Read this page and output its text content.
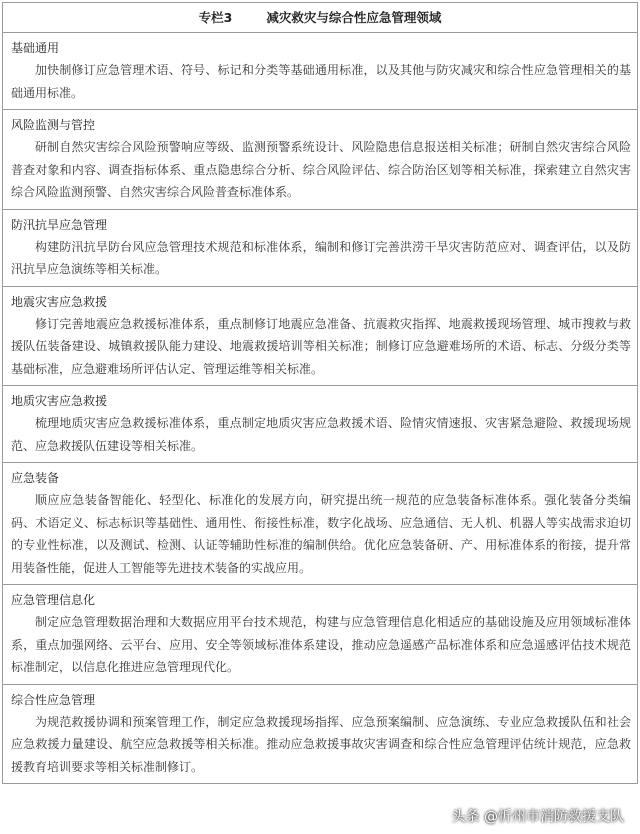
专栏3	减灾救灾与综合性应急管理领域
基础通用

加快制修订应急管理术语、符号、标记和分类等基础通用标准，以及其他与防灾减灾和综合性应急管理相关的基础通用标准。

风险监测与管控

研制自然灾害综合风险预警响应等级、监测预警系统设计、风险隐患信息报送相关标准；研制自然灾害综合风险普查对象和内容、调查指标体系、重点隐患综合分析、综合风险评估、综合防治区划等相关标准，探索建立自然灾害综合风险监测预警、自然灾害综合风险普查标准体系。

防汛抗旱应急管理

构建防汛抗旱防台风应急管理技术规范和标准体系，编制和修订完善洪涝干旱灾害防范应对、调查评估，以及防汛抗旱应急演练等相关标准。

地震灾害应急救援

修订完善地震应急救援标准体系，重点制修订地震应急准备、抗震救灾指挥、地震救援现场管理、城市搜救与救援队伍装备建设、城镇救援队能力建设、地震救援培训等相关标准；制修订应急避难场所的术语、标志、分级分类等基础标准，应急避难场所评估认定、管理运维等相关标准。

地质灾害应急救援

梳理地质灾害应急救援标准体系，重点制定地质灾害应急救援术语、险情灾情速报、灾害紧急避险、救援现场规范、应急救援队伍建设等相关标准。

应急装备

顺应应急装备智能化、轻型化、标准化的发展方向，研究提出统一规范的应急装备标准体系。强化装备分类编码、术语定义、标志标识等基础性、通用性、衔接性标准，数字化战场、应急通信、无人机、机器人等实战需求迫切的专业性标准，以及测试、检测、认证等辅助性标准的编制供给。优化应急装备研、产、用标准体系的衔接，提升常用装备性能，促进人工智能等先进技术装备的实战应用。

应急管理信息化

制定应急管理数据治理和大数据应用平台技术规范，构建与应急管理信息化相适应的基础设施及应用领域标准体系，重点加强网络、云平台、应用、安全等领域标准体系建设，推动应急遥感产品标准体系和应急遥感评估技术规范标准制定，以信息化推进应急管理现代化。

综合性应急管理

为规范救援协调和预案管理工作，制定应急救援现场指挥、应急预案编制、应急演练、专业应急救援队伍和社会应急救援力量建设、航空应急救援等相关标准。推动应急救援事故灾害调查和综合性应急管理评估统计规范，应急救援教育培训要求等相关标准制修订。

头条 @忻州市消防救援支队
